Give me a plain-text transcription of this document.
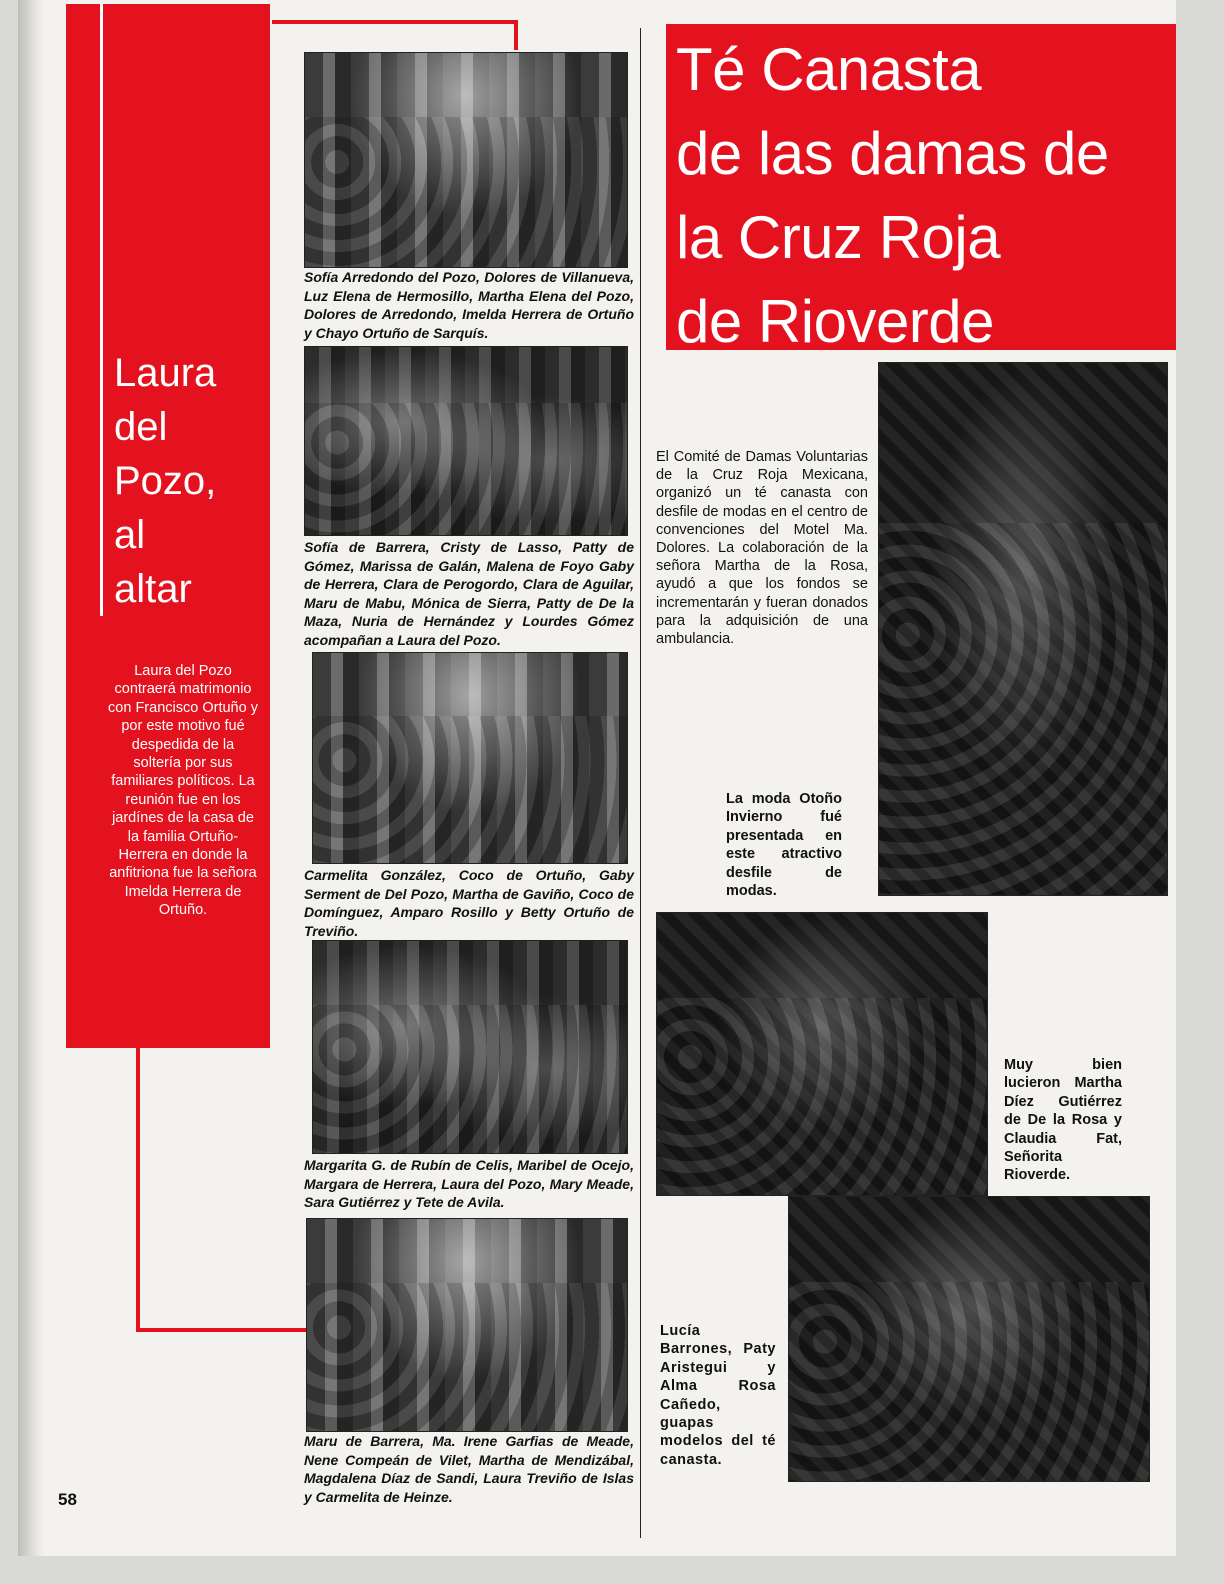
Laura
del
Pozo,
al
altar
Laura del Pozo contraerá matrimonio con Francisco Ortuño y por este motivo fué despedida de la soltería por sus familiares políticos. La reunión fue en los jardínes de la casa de la familia Ortuño-Herrera en donde la anfitriona fue la señora Imelda Herrera de Ortuño.
Sofía Arredondo del Pozo, Dolores de Villanueva, Luz Elena de Hermosillo, Martha Elena del Pozo, Dolores de Arredondo, Imelda Herrera de Ortuño y Chayo Ortuño de Sarquís.
Sofía de Barrera, Cristy de Lasso, Patty de Gómez, Marissa de Galán, Malena de Foyo Gaby de Herrera, Clara de Perogordo, Clara de Aguilar, Maru de Mabu, Mónica de Sierra, Patty de De la Maza, Nuria de Hernández y Lourdes Gómez acompañan a Laura del Pozo.
Carmelita González, Coco de Ortuño, Gaby Serment de Del Pozo, Martha de Gaviño, Coco de Domínguez, Amparo Rosillo y Betty Ortuño de Treviño.
Margarita G. de Rubín de Celis, Maribel de Ocejo, Margara de Herrera, Laura del Pozo, Mary Meade, Sara Gutiérrez y Tete de Avila.
Maru de Barrera, Ma. Irene Garfias de Meade, Nene Compeán de Vilet, Martha de Mendizábal, Magdalena Díaz de Sandi, Laura Treviño de Islas y Carmelita de Heinze.
58
Té Canasta
de las damas de
la Cruz Roja
de Rioverde
El Comité de Damas Voluntarias de la Cruz Roja Mexicana, organizó un té canasta con desfile de modas en el centro de convenciones del Motel Ma. Dolores. La colaboración de la señora Martha de la Rosa, ayudó a que los fondos se incrementarán y fueran donados para la adquisición de una ambulancia.
La moda Otoño Invierno fué presentada en este atractivo desfile de modas.
Muy bien lucieron Martha Díez Gutiérrez de De la Rosa y Claudia Fat, Señorita Rioverde.
Lucía Barrones, Paty Aristegui y Alma Rosa Cañedo, guapas modelos del té canasta.
